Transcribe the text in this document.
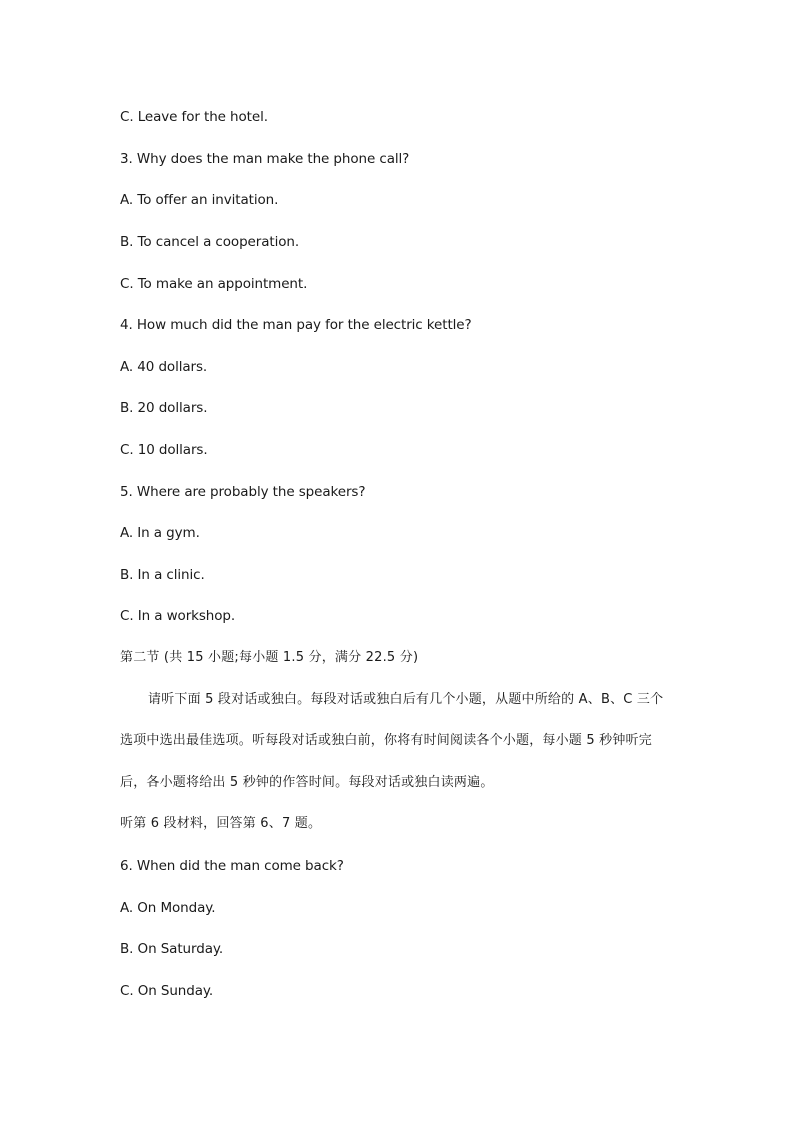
C. Leave for the hotel.
3. Why does the man make the phone call?
A. To offer an invitation.
B. To cancel a cooperation.
C. To make an appointment.
4. How much did the man pay for the electric kettle?
A. 40 dollars.
B. 20 dollars.
C. 10 dollars.
5. Where are probably the speakers?
A. In a gym.
B. In a clinic.
C. In a workshop.
第二节 (共 15 小题;每小题 1.5 分，满分 22.5 分)
请听下面 5 段对话或独白。每段对话或独白后有几个小题，从题中所给的 A、B、C 三个
选项中选出最佳选项。听每段对话或独白前，你将有时间阅读各个小题，每小题 5 秒钟听完
后，各小题将给出 5 秒钟的作答时间。每段对话或独白读两遍。
听第 6 段材料，回答第 6、7 题。
6. When did the man come back?
A. On Monday.
B. On Saturday.
C. On Sunday.
